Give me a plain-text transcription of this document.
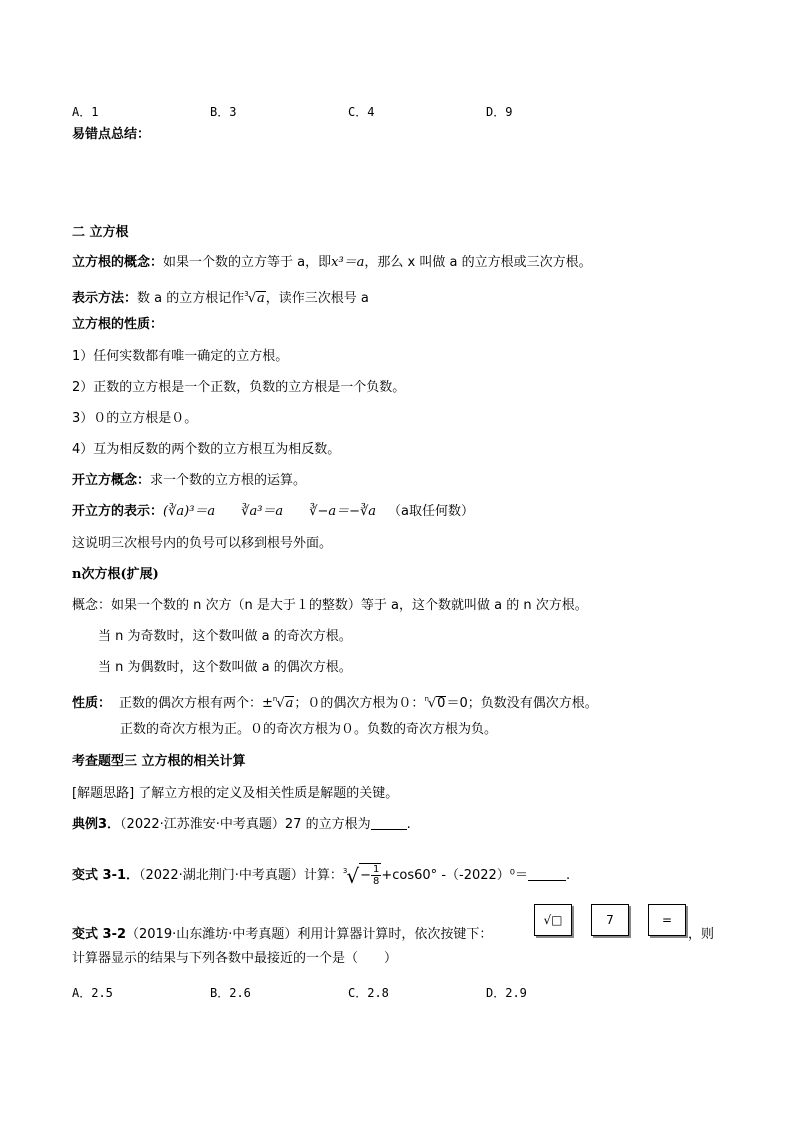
A．1	B．3	C．4	D．9
易错点总结：
二 立方根
立方根的概念：如果一个数的立方等于 a，即x³＝a，那么 x 叫做 a 的立方根或三次方根。
表示方法：数 a 的立方根记作$^3$√a，读作三次根号 a
立方根的性质：
1）任何实数都有唯一确定的立方根。
2）正数的立方根是一个正数，负数的立方根是一个负数。
3）０的立方根是０。
4）互为相反数的两个数的立方根互为相反数。
开立方概念：求一个数的立方根的运算。
开立方的表示：(∛a)³＝a ∛a³＝a ∛−a＝−∛a （a取任何数）
这说明三次根号内的负号可以移到根号外面。
n次方根(扩展)
概念：如果一个数的 n 次方（n 是大于１的整数）等于 a，这个数就叫做 a 的 n 次方根。
当 n 为奇数时，这个数叫做 a 的奇次方根。
当 n 为偶数时，这个数叫做 a 的偶次方根。
性质： 正数的偶次方根有两个：±$^n$√a；０的偶次方根为０：$^n$√0＝0；负数没有偶次方根。
正数的奇次方根为正。０的奇次方根为０。负数的奇次方根为负。
考查题型三 立方根的相关计算
[解题思路] 了解立方根的定义及相关性质是解题的关键。
典例3．（2022·江苏淮安·中考真题）27 的立方根为	.
变式 3-1．（2022·湖北荆门·中考真题）计算：$^3√- \frac{1}{8} +\cos 60^\circ$ -（-2022）⁰＝	.
变式 3-2（2019·山东潍坊·中考真题）利用计算器计算时，依次按键下：
√□	7	=
，则
计算器显示的结果与下列各数中最接近的一个是（　　）
A．2.5	B．2.6	C．2.8	D．2.9
